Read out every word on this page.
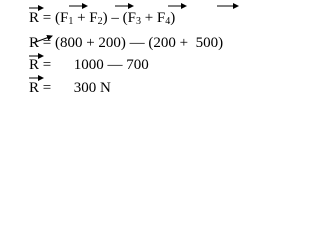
$R = (F_1 + F_2) - (F_3 + F_4)$
R = (800 + 200) — (200 +  500)
R =      1000 — 700
R =      300 N
